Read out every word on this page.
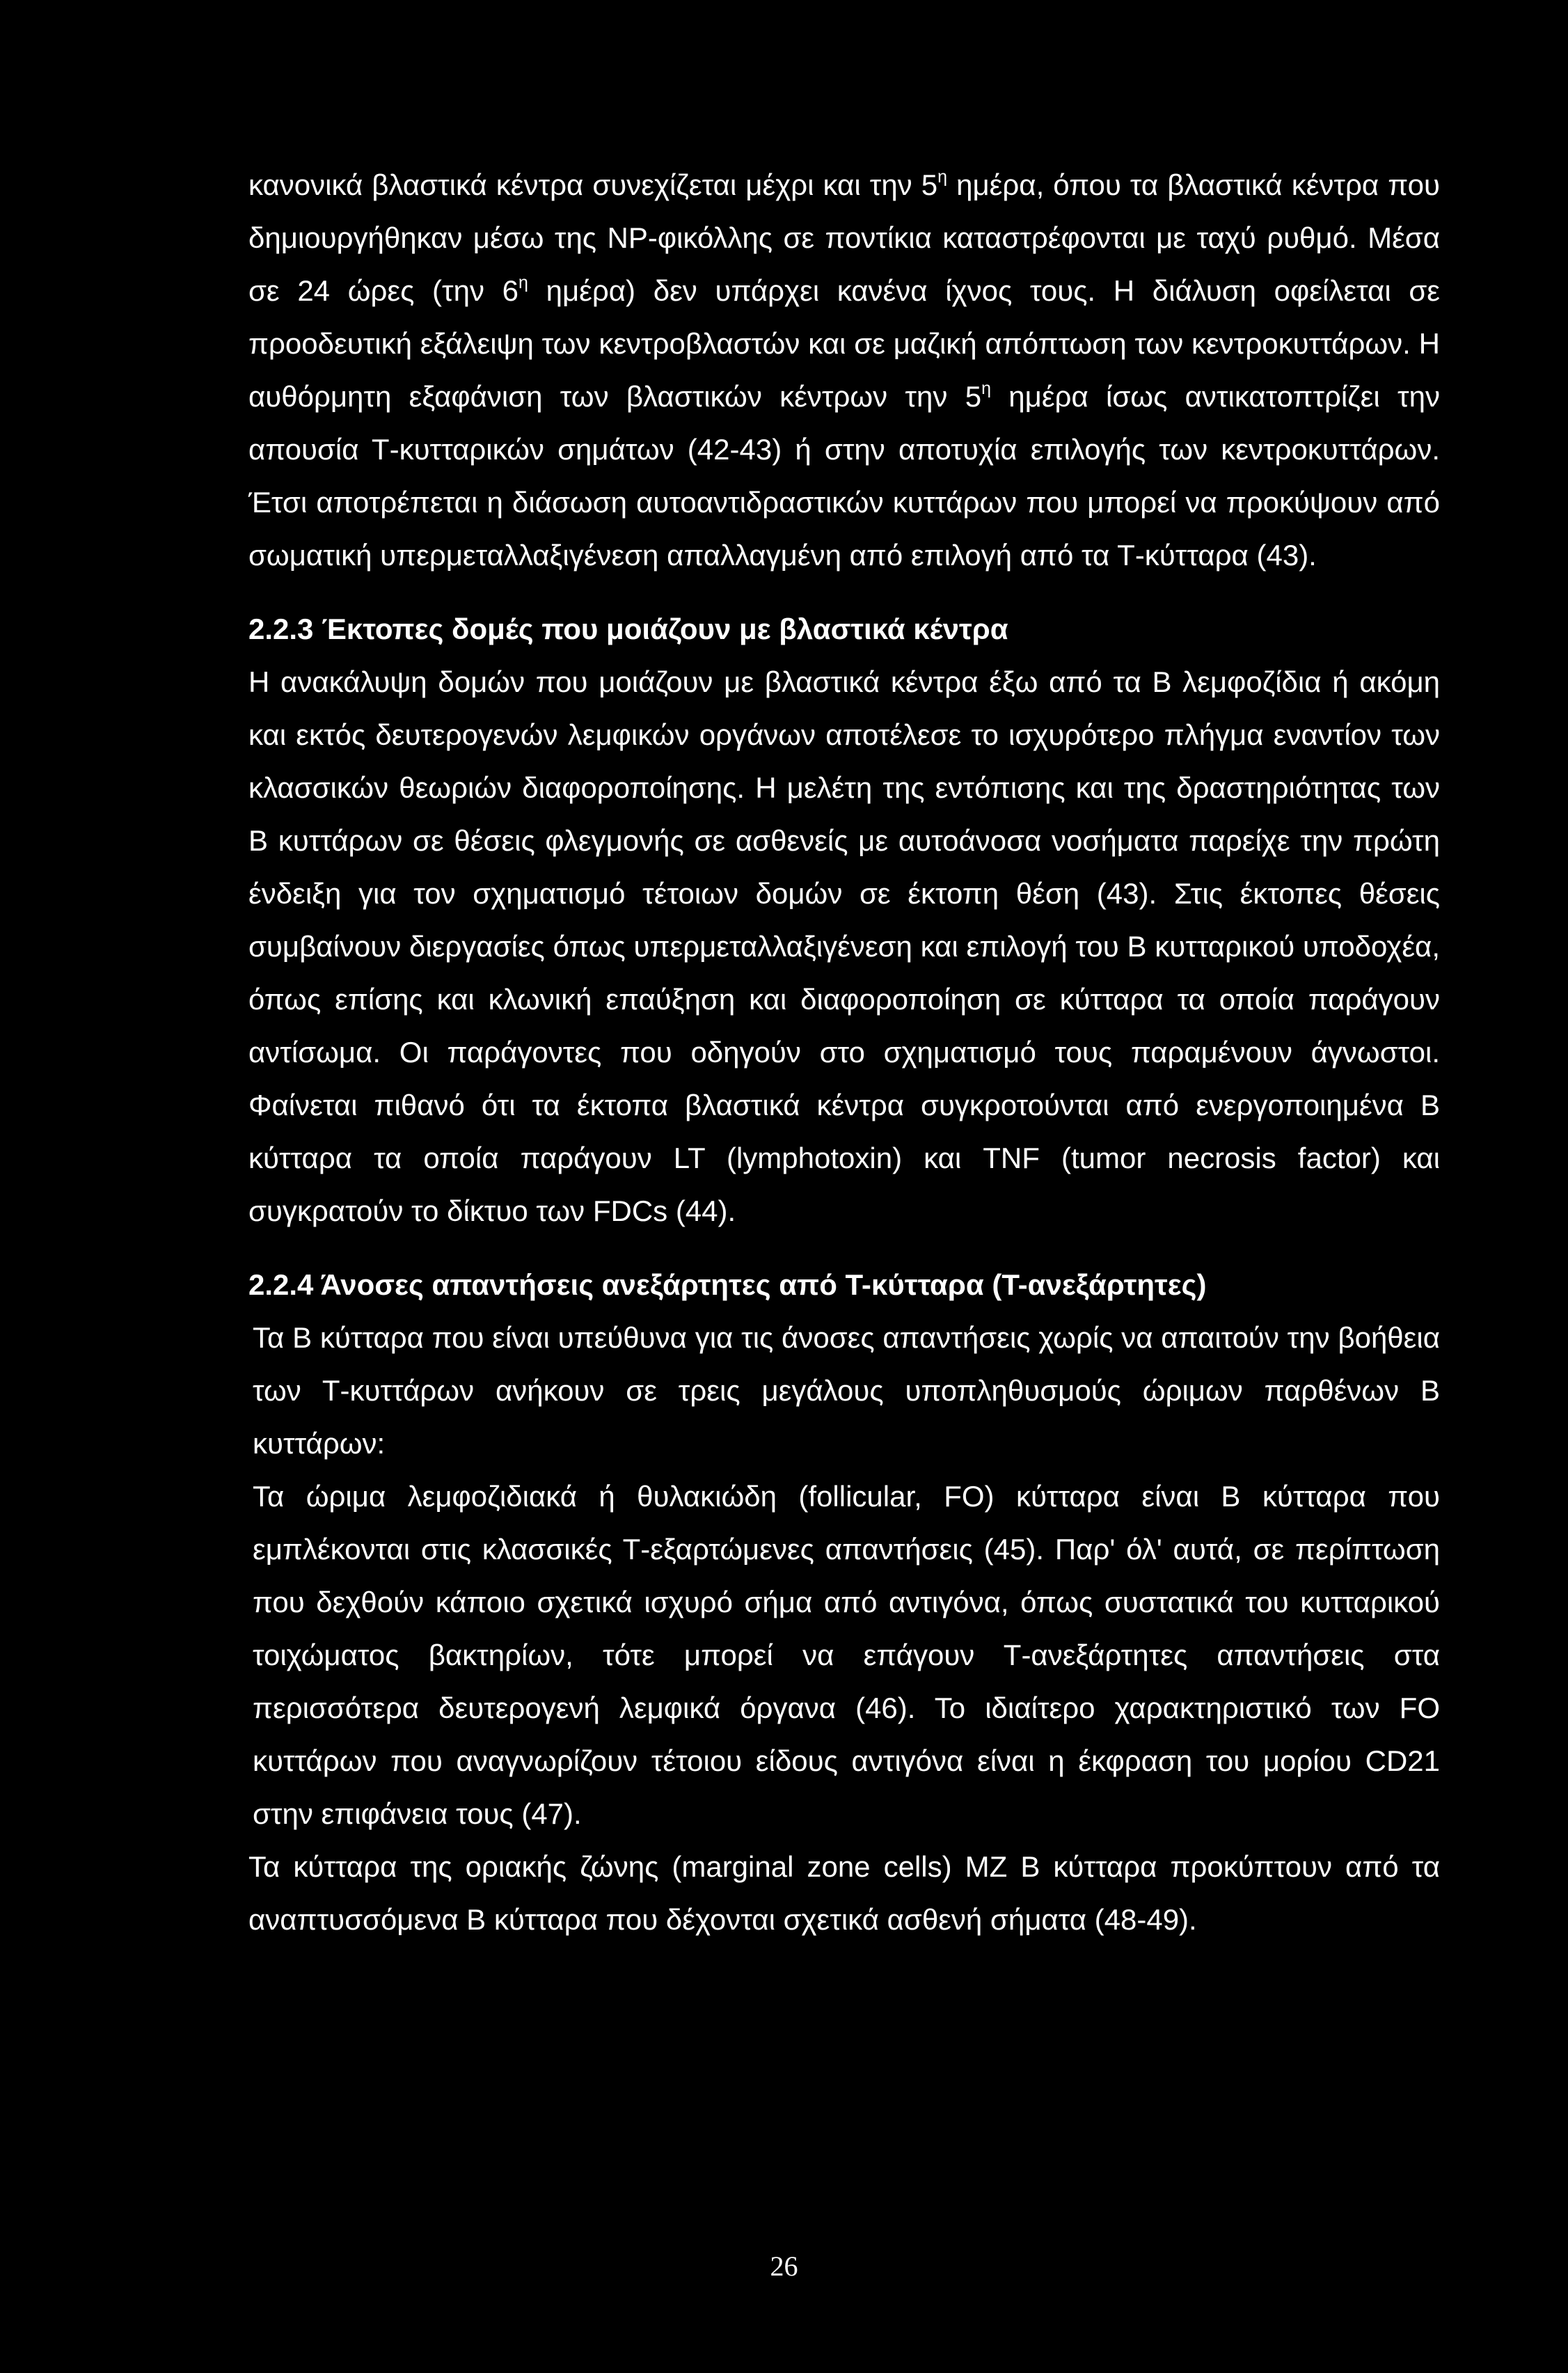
κανονικά βλαστικά κέντρα συνεχίζεται μέχρι και την $5^\eta$ ημέρα, όπου τα βλαστικά κέντρα που δημιουργήθηκαν μέσω της NP-φικόλλης σε ποντίκια καταστρέφονται με ταχύ ρυθμό. Μέσα σε 24 ώρες (την $6^\eta$ ημέρα) δεν υπάρχει κανένα ίχνος τους. Η διάλυση οφείλεται σε προοδευτική εξάλειψη των κεντροβλαστών και σε μαζική απόπτωση των κεντροκυττάρων. Η αυθόρμητη εξαφάνιση των βλαστικών κέντρων την $5^\eta$ ημέρα ίσως αντικατοπτρίζει την απουσία Τ-κυτταρικών σημάτων (42-43) ή στην αποτυχία επιλογής των κεντροκυττάρων. Έτσι αποτρέπεται η διάσωση αυτοαντιδραστικών κυττάρων που μπορεί να προκύψουν από σωματική υπερμεταλλαξιγένεση απαλλαγμένη από επιλογή από τα Τ-κύτταρα (43).

2.2.3 Έκτοπες δομές που μοιάζουν με βλαστικά κέντρα

Η ανακάλυψη δομών που μοιάζουν με βλαστικά κέντρα έξω από τα Β λεμφοζίδια ή ακόμη και εκτός δευτερογενών λεμφικών οργάνων αποτέλεσε το ισχυρότερο πλήγμα εναντίον των κλασσικών θεωριών διαφοροποίησης. Η μελέτη της εντόπισης και της δραστηριότητας των Β κυττάρων σε θέσεις φλεγμονής σε ασθενείς με αυτοάνοσα νοσήματα παρείχε την πρώτη ένδειξη για τον σχηματισμό τέτοιων δομών σε έκτοπη θέση (43). Στις έκτοπες θέσεις συμβαίνουν διεργασίες όπως υπερμεταλλαξιγένεση και επιλογή του Β κυτταρικού υποδοχέα, όπως επίσης και κλωνική επαύξηση και διαφοροποίηση σε κύτταρα τα οποία παράγουν αντίσωμα. Οι παράγοντες που οδηγούν στο σχηματισμό τους παραμένουν άγνωστοι. Φαίνεται πιθανό ότι τα έκτοπα βλαστικά κέντρα συγκροτούνται από ενεργοποιημένα Β κύτταρα τα οποία παράγουν LT (lymphotoxin) και TNF (tumor necrosis factor) και συγκρατούν το δίκτυο των FDCs (44).

2.2.4 Άνοσες απαντήσεις ανεξάρτητες από Τ-κύτταρα (Τ-ανεξάρτητες)

Τα Β κύτταρα που είναι υπεύθυνα για τις άνοσες απαντήσεις χωρίς να απαιτούν την βοήθεια των Τ-κυττάρων ανήκουν σε τρεις μεγάλους υποπληθυσμούς ώριμων παρθένων Β κυττάρων:

Τα ώριμα λεμφοζιδιακά ή θυλακιώδη (follicular, FO) κύτταρα είναι Β κύτταρα που εμπλέκονται στις κλασσικές Τ-εξαρτώμενες απαντήσεις (45). Παρ' όλ' αυτά, σε περίπτωση που δεχθούν κάποιο σχετικά ισχυρό σήμα από αντιγόνα, όπως συστατικά του κυτταρικού τοιχώματος βακτηρίων, τότε μπορεί να επάγουν Τ-ανεξάρτητες απαντήσεις στα περισσότερα δευτερογενή λεμφικά όργανα (46). Το ιδιαίτερο χαρακτηριστικό των FO κυττάρων που αναγνωρίζουν τέτοιου είδους αντιγόνα είναι η έκφραση του μορίου CD21 στην επιφάνεια τους (47).

Τα κύτταρα της οριακής ζώνης (marginal zone cells) MZ Β κύτταρα προκύπτουν από τα αναπτυσσόμενα Β κύτταρα που δέχονται σχετικά ασθενή σήματα (48-49).

26
